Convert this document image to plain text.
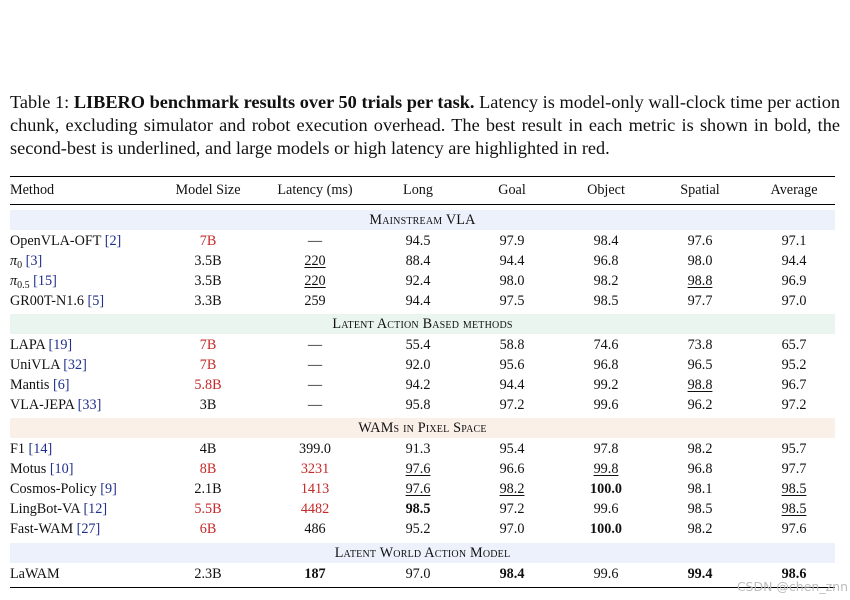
Table 1: LIBERO benchmark results over 50 trials per task. Latency is model-only wall-clock time per action chunk, excluding simulator and robot execution overhead. The best result in each metric is shown in bold, the second-best is underlined, and large models or high latency are highlighted in red.
Method	Model Size	Latency (ms)	Long	Goal	Object	Spatial	Average
Mainstream VLA
OpenVLA-OFT [2]	7B	—	94.5	97.9	98.4	97.6	97.1
$\pi_0$ [3]	3.5B	220	88.4	94.4	96.8	98.0	94.4
$\pi_{0.5}$ [15]	3.5B	220	92.4	98.0	98.2	98.8	96.9
GR00T-N1.6 [5]	3.3B	259	94.4	97.5	98.5	97.7	97.0
Latent Action Based methods
LAPA [19]	7B	—	55.4	58.8	74.6	73.8	65.7
UniVLA [32]	7B	—	92.0	95.6	96.8	96.5	95.2
Mantis [6]	5.8B	—	94.2	94.4	99.2	98.8	96.7
VLA-JEPA [33]	3B	—	95.8	97.2	99.6	96.2	97.2
WAMs in Pixel Space
F1 [14]	4B	399.0	91.3	95.4	97.8	98.2	95.7
Motus [10]	8B	3231	97.6	96.6	99.8	96.8	97.7
Cosmos-Policy [9]	2.1B	1413	97.6	98.2	100.0	98.1	98.5
LingBot-VA [12]	5.5B	4482	98.5	97.2	99.6	98.5	98.5
Fast-WAM [27]	6B	486	95.2	97.0	100.0	98.2	97.6
Latent World Action Model
LaWAM	2.3B	187	97.0	98.4	99.6	99.4	98.6
CSDN @chen_znn
